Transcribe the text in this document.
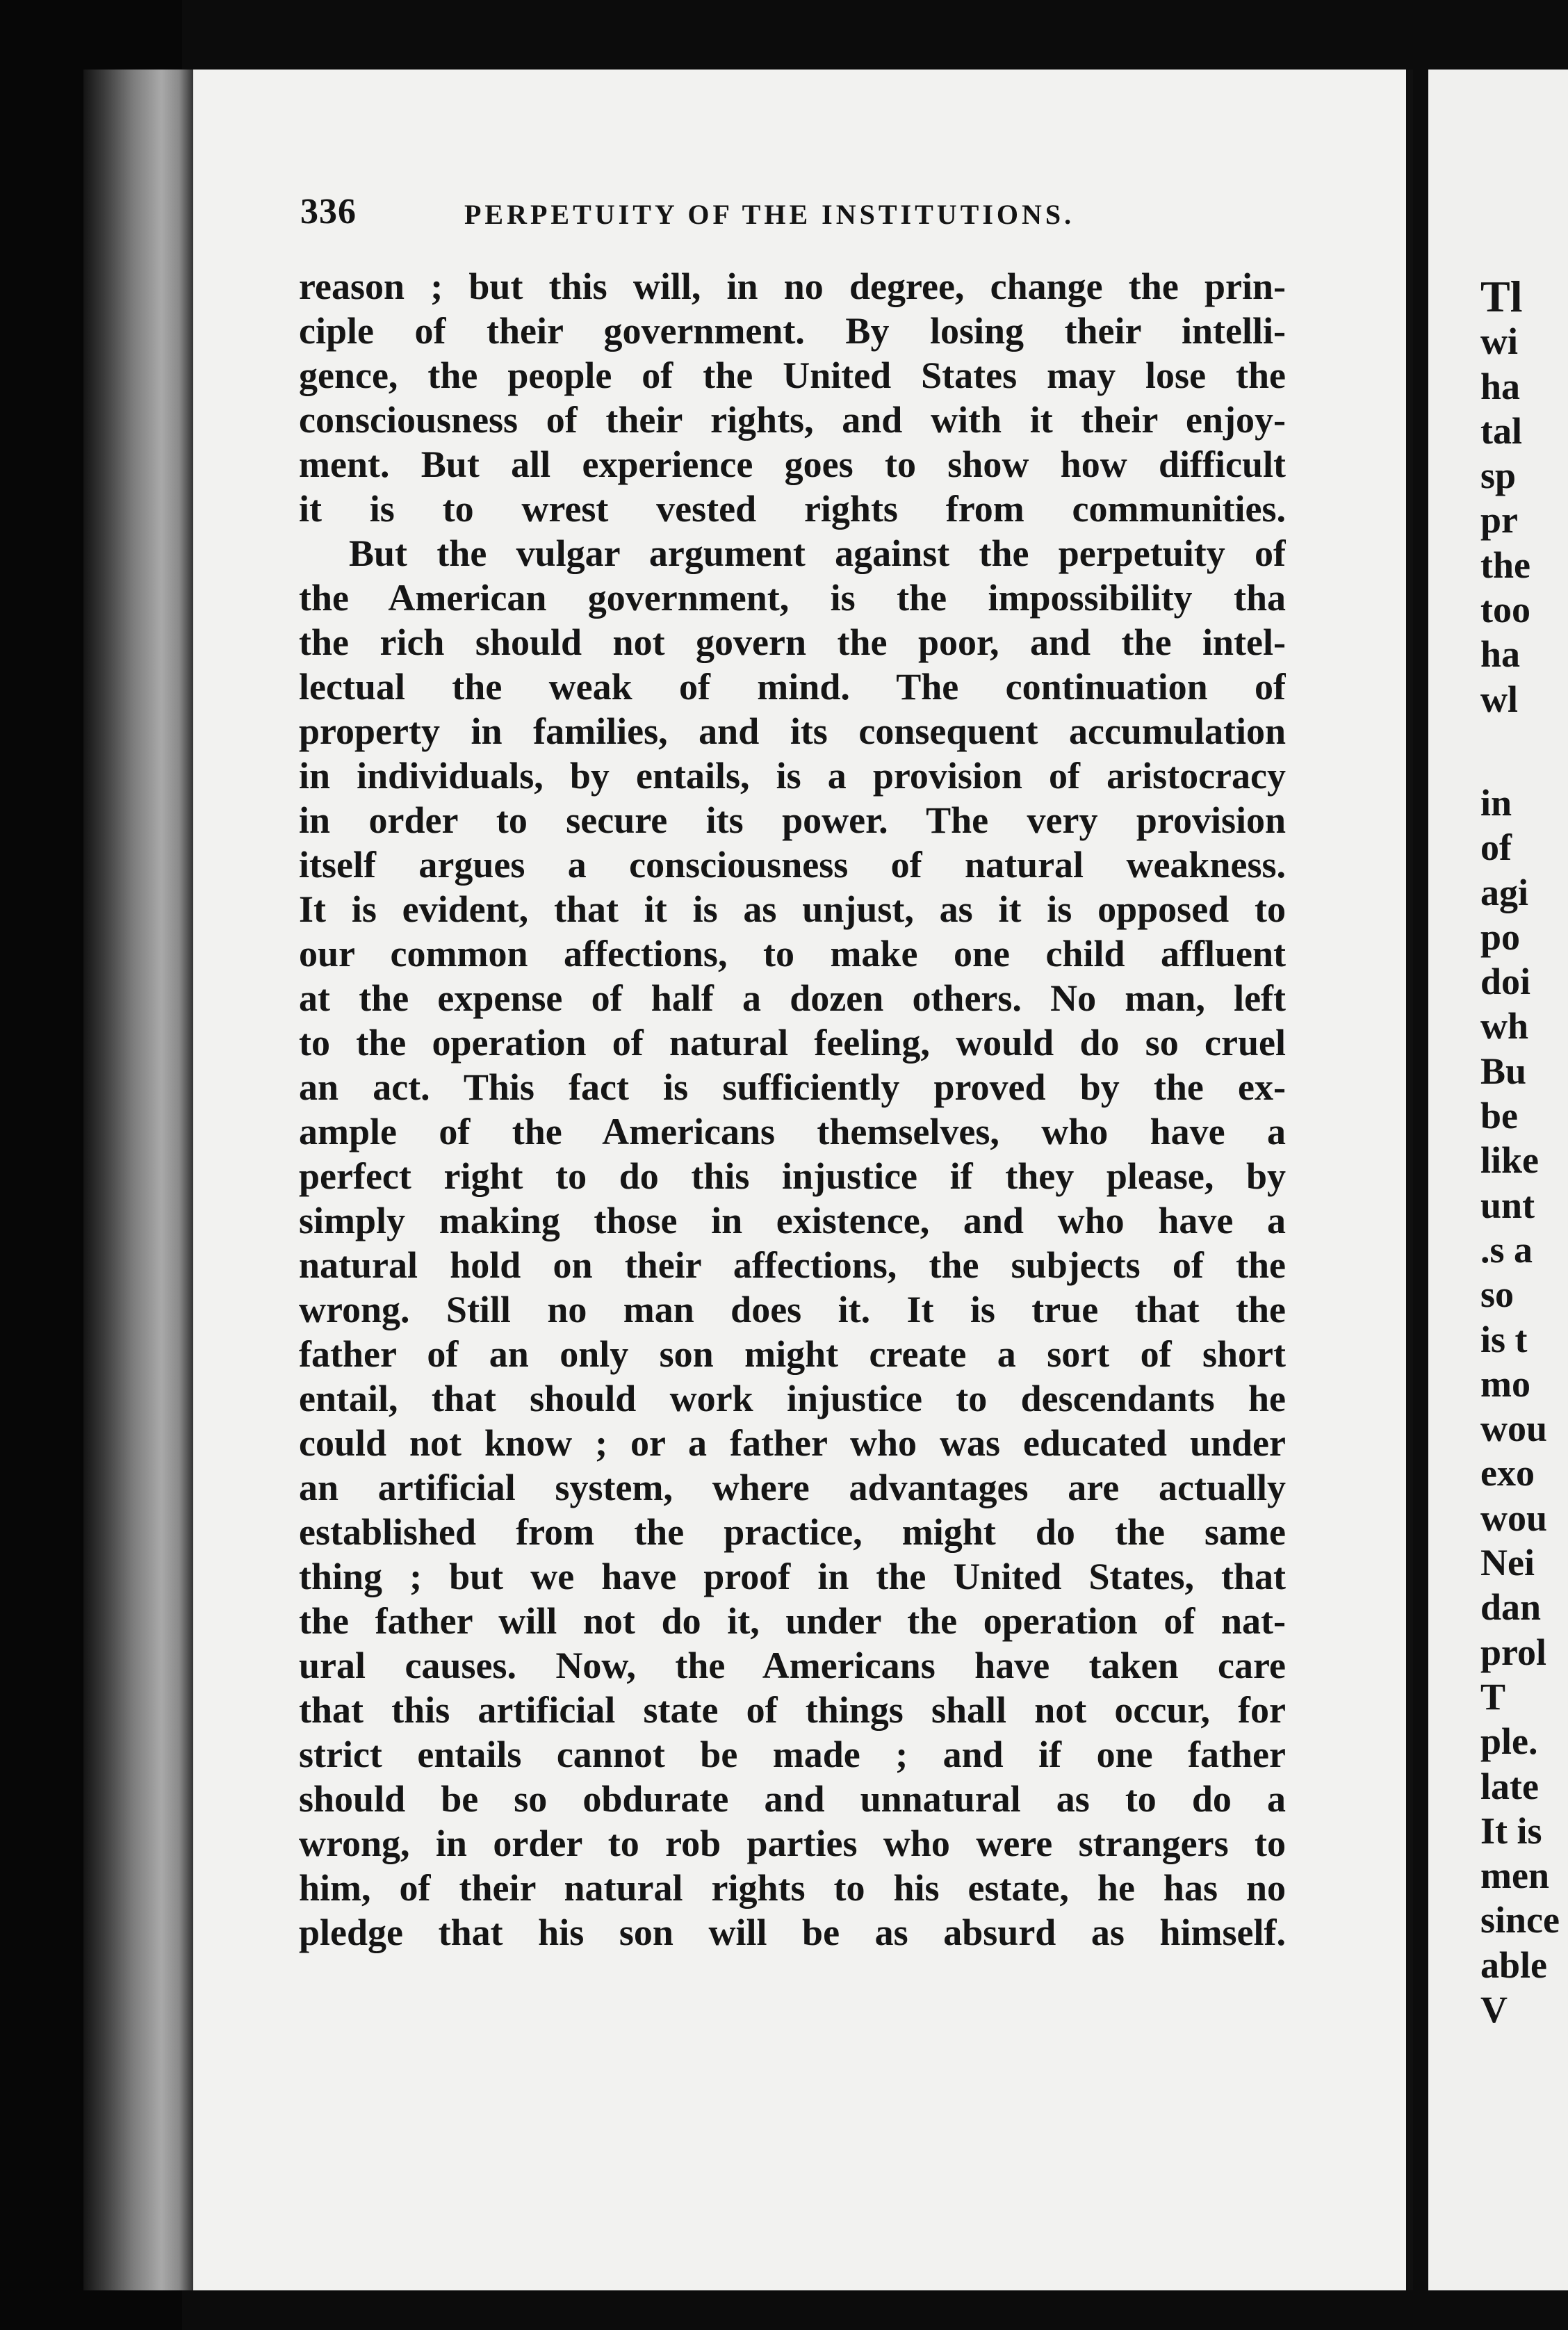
336	PERPETUITY OF THE INSTITUTIONS.
reason ; but this will, in no degree, change the prin-
ciple of their government. By losing their intelli-
gence, the people of the United States may lose the
consciousness of their rights, and with it their enjoy-
ment. But all experience goes to show how difficult
it is to wrest vested rights from communities.
But the vulgar argument against the perpetuity of
the American government, is the impossibility tha
the rich should not govern the poor, and the intel-
lectual the weak of mind. The continuation of
property in families, and its consequent accumulation
in individuals, by entails, is a provision of aristocracy
in order to secure its power. The very provision
itself argues a consciousness of natural weakness.
It is evident, that it is as unjust, as it is opposed to
our common affections, to make one child affluent
at the expense of half a dozen others. No man, left
to the operation of natural feeling, would do so cruel
an act. This fact is sufficiently proved by the ex-
ample of the Americans themselves, who have a
perfect right to do this injustice if they please, by
simply making those in existence, and who have a
natural hold on their affections, the subjects of the
wrong. Still no man does it. It is true that the
father of an only son might create a sort of short
entail, that should work injustice to descendants he
could not know ; or a father who was educated under
an artificial system, where advantages are actually
established from the practice, might do the same
thing ; but we have proof in the United States, that
the father will not do it, under the operation of nat-
ural causes. Now, the Americans have taken care
that this artificial state of things shall not occur, for
strict entails cannot be made ; and if one father
should be so obdurate and unnatural as to do a
wrong, in order to rob parties who were strangers to
him, of their natural rights to his estate, he has no
pledge that his son will be as absurd as himself.
Tl
wi
ha
tal
sp
pr
the
too
ha
wl
in
of
agi
po
doi
wh
Bu
be
like
unt
.s a
so
is t
mo
wou
exo
wou
Nei
dan
prol
T
ple.
late
It is
men
since
able
V
